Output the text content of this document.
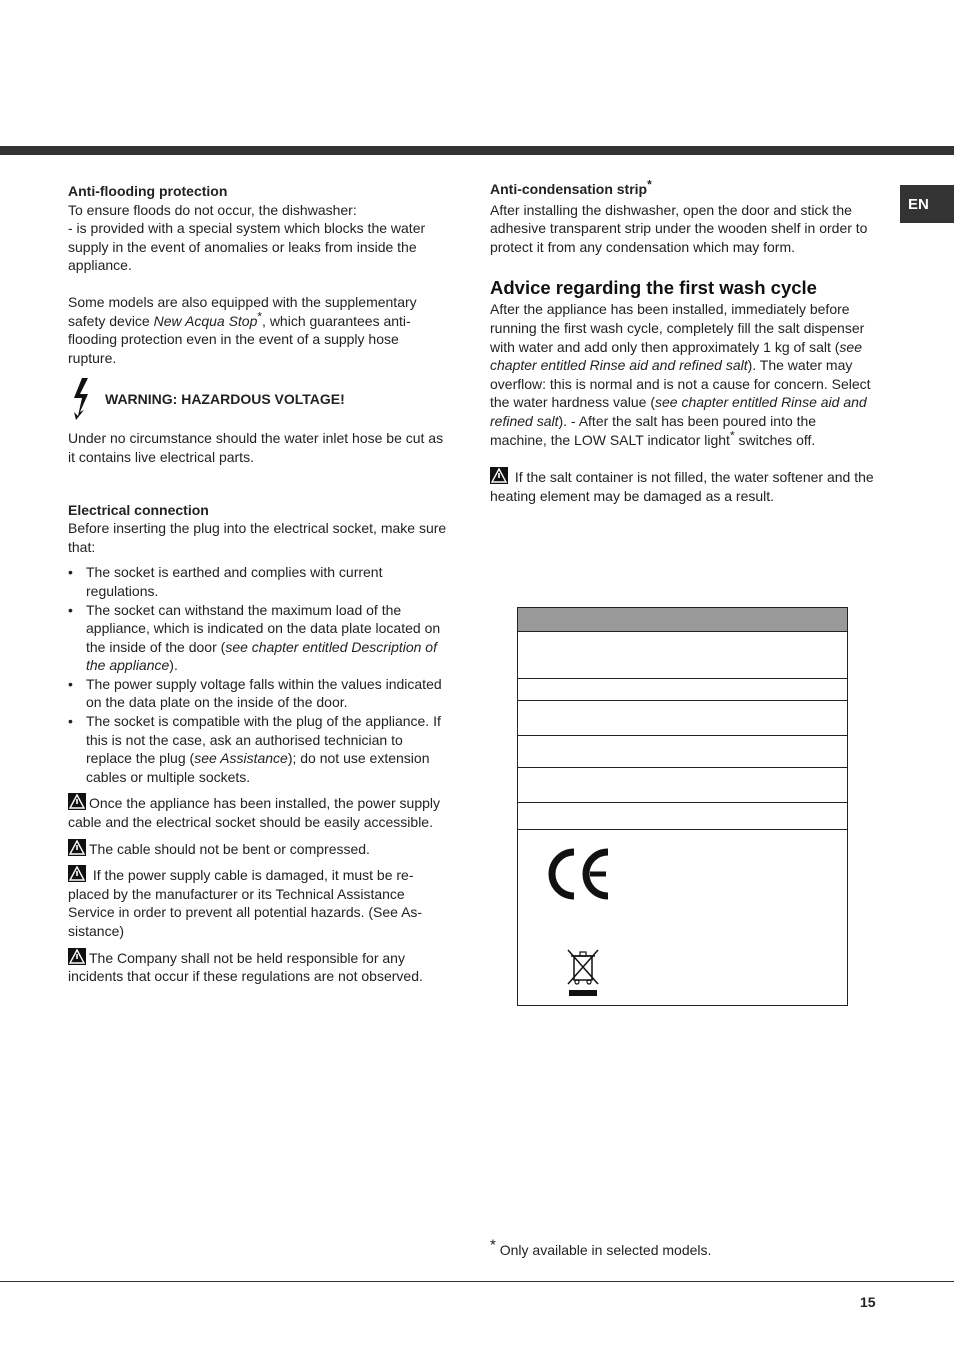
EN

Anti-flooding protection

To ensure floods do not occur, the dishwasher:

- is provided with a special system which blocks the water supply in the event of anomalies or leaks from inside the appliance.

Some models are also equipped with the supplementary safety device New Acqua Stop*, which guarantees anti-flooding protection even in the event of a supply hose rupture.

WARNING: HAZARDOUS VOLTAGE!

Under no circumstance should the water inlet hose be cut as it contains live electrical parts.

Electrical connection

Before inserting the plug into the electrical socket, make sure that:

• The socket is earthed and complies with current regulations.
• The socket can withstand the maximum load of the appliance, which is indicated on the data plate located on the inside of the door (see chapter entitled Description of the appliance).
• The power supply voltage falls within the values indicated on the data plate on the inside of the door.
• The socket is compatible with the plug of the appliance. If this is not the case, ask an authorised technician to replace the plug (see Assistance); do not use extension cables or multiple sockets.

Once the appliance has been installed, the power supply cable and the electrical socket should be easily accessible.

The cable should not be bent or compressed.

If the power supply cable is damaged, it must be re-placed by the manufacturer or its Technical Assistance Service in order to prevent all potential hazards. (See As-sistance)

The Company shall not be held responsible for any incidents that occur if these regulations are not observed.

Anti-condensation strip*

After installing the dishwasher, open the door and stick the adhesive transparent strip under the wooden shelf in order to protect it from any condensation which may form.

Advice regarding the first wash cycle

After the appliance has been installed, immediately before running the first wash cycle, completely fill the salt dispenser with water and add only then approximately 1 kg of salt (see chapter entitled Rinse aid and refined salt). The water may overflow: this is normal and is not a cause for concern. Select the water hardness value (see chapter entitled Rinse aid and refined salt). - After the salt has been poured into the machine, the LOW SALT indicator light* switches off.

If the salt container is not filled, the water softener and the heating element may be damaged as a result.

* Only available in selected models.
15
